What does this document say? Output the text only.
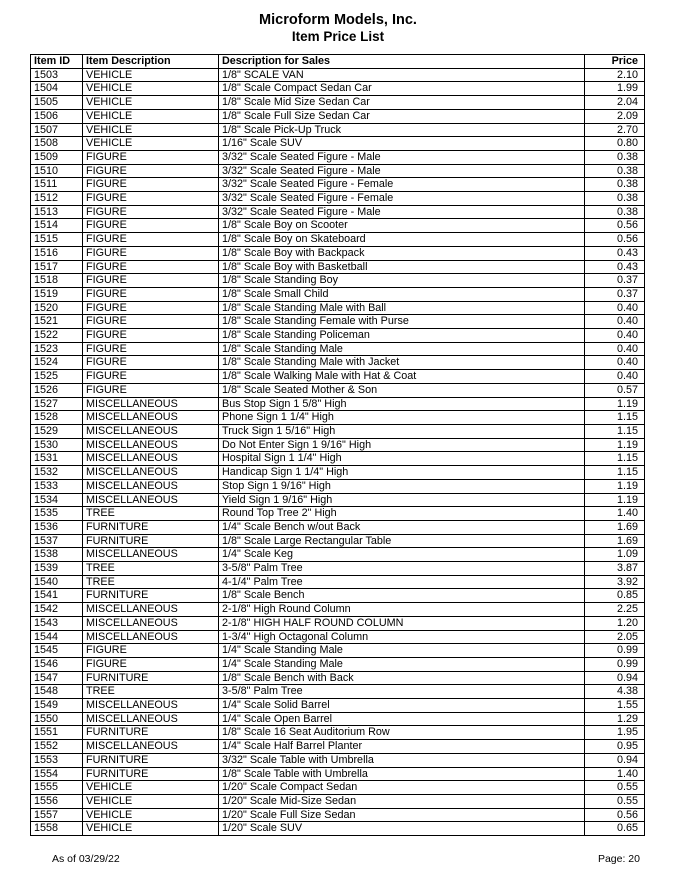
Microform Models, Inc.
Item Price List
Item ID	Item Description	Description for Sales	Price
1503	VEHICLE	1/8" SCALE VAN	2.10
1504	VEHICLE	1/8" Scale Compact Sedan Car	1.99
1505	VEHICLE	1/8" Scale Mid Size Sedan Car	2.04
1506	VEHICLE	1/8" Scale Full Size Sedan Car	2.09
1507	VEHICLE	1/8" Scale Pick-Up Truck	2.70
1508	VEHICLE	1/16" Scale SUV	0.80
1509	FIGURE	3/32" Scale Seated Figure - Male	0.38
1510	FIGURE	3/32" Scale Seated Figure - Male	0.38
1511	FIGURE	3/32" Scale Seated Figure - Female	0.38
1512	FIGURE	3/32" Scale Seated Figure - Female	0.38
1513	FIGURE	3/32" Scale Seated Figure - Male	0.38
1514	FIGURE	1/8" Scale Boy on Scooter	0.56
1515	FIGURE	1/8" Scale Boy on Skateboard	0.56
1516	FIGURE	1/8" Scale Boy with Backpack	0.43
1517	FIGURE	1/8" Scale Boy with Basketball	0.43
1518	FIGURE	1/8" Scale Standing Boy	0.37
1519	FIGURE	1/8" Scale Small Child	0.37
1520	FIGURE	1/8" Scale Standing Male with Ball	0.40
1521	FIGURE	1/8" Scale Standing Female with Purse	0.40
1522	FIGURE	1/8" Scale Standing Policeman	0.40
1523	FIGURE	1/8" Scale Standing Male	0.40
1524	FIGURE	1/8" Scale Standing Male with Jacket	0.40
1525	FIGURE	1/8" Scale Walking Male with Hat & Coat	0.40
1526	FIGURE	1/8" Scale Seated Mother & Son	0.57
1527	MISCELLANEOUS	Bus Stop Sign 1 5/8" High	1.19
1528	MISCELLANEOUS	Phone Sign 1 1/4" High	1.15
1529	MISCELLANEOUS	Truck Sign 1 5/16" High	1.15
1530	MISCELLANEOUS	Do Not Enter Sign 1 9/16" High	1.19
1531	MISCELLANEOUS	Hospital Sign 1 1/4" High	1.15
1532	MISCELLANEOUS	Handicap Sign 1 1/4" High	1.15
1533	MISCELLANEOUS	Stop Sign 1 9/16" High	1.19
1534	MISCELLANEOUS	Yield Sign 1 9/16" High	1.19
1535	TREE	Round Top Tree 2" High	1.40
1536	FURNITURE	1/4" Scale Bench w/out Back	1.69
1537	FURNITURE	1/8" Scale Large Rectangular Table	1.69
1538	MISCELLANEOUS	1/4" Scale Keg	1.09
1539	TREE	3-5/8" Palm Tree	3.87
1540	TREE	4-1/4" Palm Tree	3.92
1541	FURNITURE	1/8" Scale Bench	0.85
1542	MISCELLANEOUS	2-1/8" High Round Column	2.25
1543	MISCELLANEOUS	2-1/8" HIGH HALF ROUND COLUMN	1.20
1544	MISCELLANEOUS	1-3/4" High Octagonal Column	2.05
1545	FIGURE	1/4" Scale Standing Male	0.99
1546	FIGURE	1/4" Scale Standing Male	0.99
1547	FURNITURE	1/8" Scale Bench with Back	0.94
1548	TREE	3-5/8" Palm Tree	4.38
1549	MISCELLANEOUS	1/4" Scale Solid Barrel	1.55
1550	MISCELLANEOUS	1/4" Scale Open Barrel	1.29
1551	FURNITURE	1/8" Scale 16 Seat Auditorium Row	1.95
1552	MISCELLANEOUS	1/4" Scale Half Barrel Planter	0.95
1553	FURNITURE	3/32" Scale Table with Umbrella	0.94
1554	FURNITURE	1/8" Scale Table with Umbrella	1.40
1555	VEHICLE	1/20" Scale Compact Sedan	0.55
1556	VEHICLE	1/20" Scale Mid-Size Sedan	0.55
1557	VEHICLE	1/20" Scale Full Size Sedan	0.56
1558	VEHICLE	1/20" Scale SUV	0.65
As of 03/29/22	Page: 20
